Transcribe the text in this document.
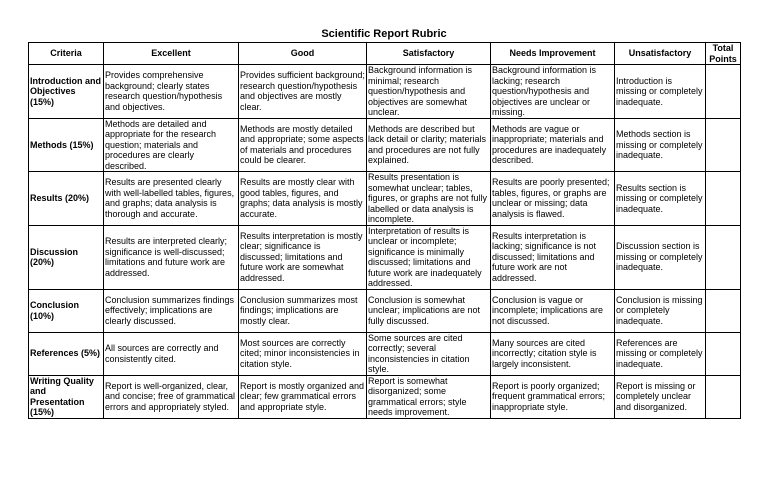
Scientific Report Rubric
Criteria	Excellent	Good	Satisfactory	Needs Improvement	Unsatisfactory	Total Points
Introduction and Objectives (15%)	Provides comprehensive background; clearly states research question/hypothesis and objectives.	Provides sufficient background; research question/hypothesis and objectives are mostly clear.	Background information is minimal; research question/hypothesis and objectives are somewhat unclear.	Background information is lacking; research question/hypothesis and objectives are unclear or missing.	Introduction is missing or completely inadequate.	
Methods (15%)	Methods are detailed and appropriate for the research question; materials and procedures are clearly described.	Methods are mostly detailed and appropriate; some aspects of materials and procedures could be clearer.	Methods are described but lack detail or clarity; materials and procedures are not fully explained.	Methods are vague or inappropriate; materials and procedures are inadequately described.	Methods section is missing or completely inadequate.	
Results (20%)	Results are presented clearly with well-labelled tables, figures, and graphs; data analysis is thorough and accurate.	Results are mostly clear with good tables, figures, and graphs; data analysis is mostly accurate.	Results presentation is somewhat unclear; tables, figures, or graphs are not fully labelled or data analysis is incomplete.	Results are poorly presented; tables, figures, or graphs are unclear or missing; data analysis is flawed.	Results section is missing or completely inadequate.	
Discussion (20%)	Results are interpreted clearly; significance is well-discussed; limitations and future work are addressed.	Results interpretation is mostly clear; significance is discussed; limitations and future work are somewhat addressed.	Interpretation of results is unclear or incomplete; significance is minimally discussed; limitations and future work are inadequately addressed.	Results interpretation is lacking; significance is not discussed; limitations and future work are not addressed.	Discussion section is missing or completely inadequate.	
Conclusion (10%)	Conclusion summarizes findings effectively; implications are clearly discussed.	Conclusion summarizes most findings; implications are mostly clear.	Conclusion is somewhat unclear; implications are not fully discussed.	Conclusion is vague or incomplete; implications are not discussed.	Conclusion is missing or completely inadequate.	
References (5%)	All sources are correctly and consistently cited.	Most sources are correctly cited; minor inconsistencies in citation style.	Some sources are cited correctly; several inconsistencies in citation style.	Many sources are cited incorrectly; citation style is largely inconsistent.	References are missing or completely inadequate.	
Writing Quality and Presentation (15%)	Report is well-organized, clear, and concise; free of grammatical errors and appropriately styled.	Report is mostly organized and clear; few grammatical errors and appropriate style.	Report is somewhat disorganized; some grammatical errors; style needs improvement.	Report is poorly organized; frequent grammatical errors; inappropriate style.	Report is missing or completely unclear and disorganized.	
